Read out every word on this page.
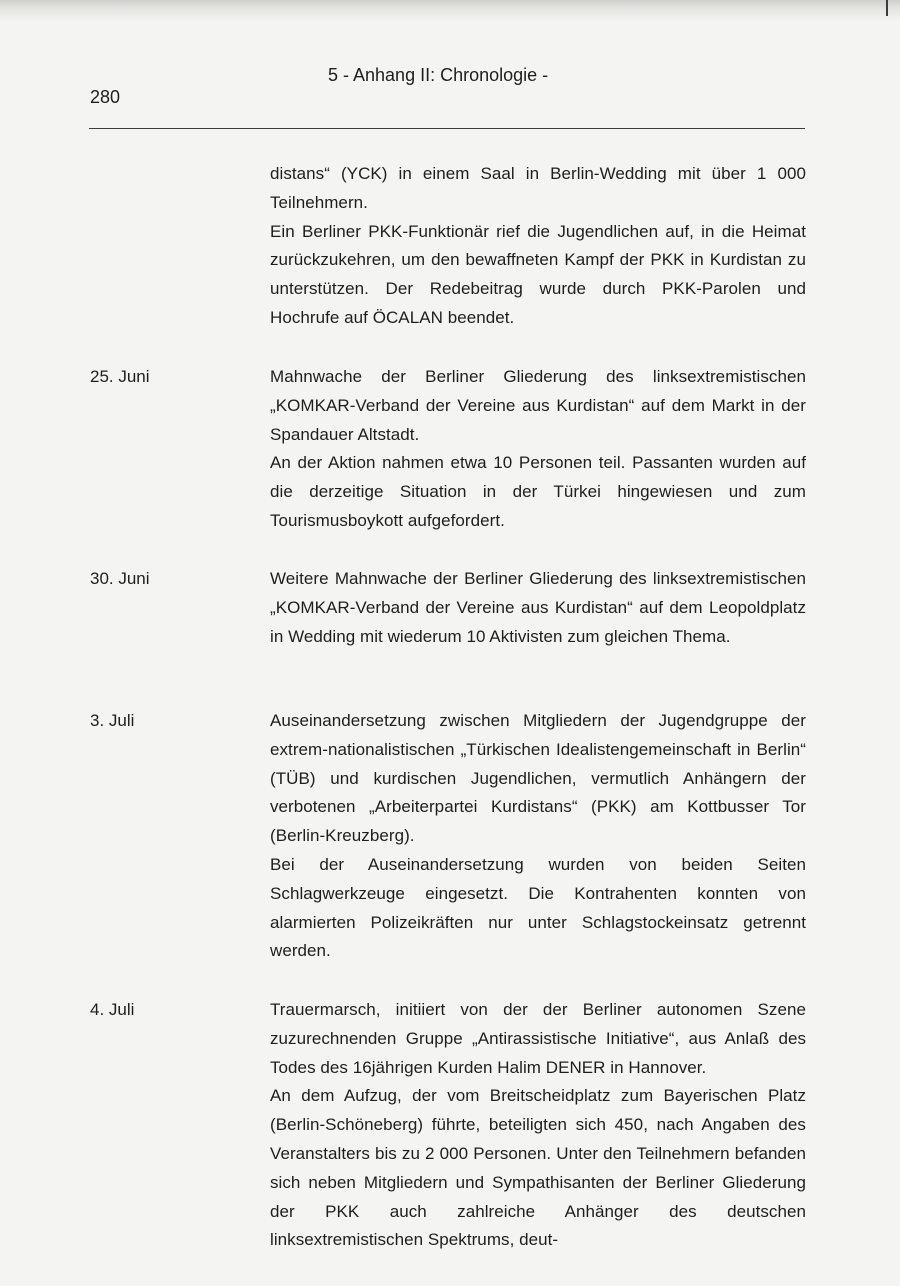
280

5 - Anhang II: Chronologie -

distans“ (YCK) in einem Saal in Berlin-Wedding mit über 1 000 Teilnehmern.

Ein Berliner PKK-Funktionär rief die Jugendlichen auf, in die Heimat zurückzukehren, um den bewaffneten Kampf der PKK in Kurdistan zu unterstützen. Der Redebeitrag wurde durch PKK-Parolen und Hochrufe auf ÖCALAN beendet.

25. Juni	Mahnwache der Berliner Gliederung des linksextremistischen „KOMKAR-Verband der Vereine aus Kurdistan“ auf dem Markt in der Spandauer Altstadt.

An der Aktion nahmen etwa 10 Personen teil. Passanten wurden auf die derzeitige Situation in der Türkei hingewiesen und zum Tourismusboykott aufgefordert.

30. Juni	Weitere Mahnwache der Berliner Gliederung des linksextremistischen „KOMKAR-Verband der Vereine aus Kurdistan“ auf dem Leopoldplatz in Wedding mit wiederum 10 Aktivisten zum gleichen Thema.

3. Juli	Auseinandersetzung zwischen Mitgliedern der Jugendgruppe der extrem-nationalistischen „Türkischen Idealistengemeinschaft in Berlin“ (TÜB) und kurdischen Jugendlichen, vermutlich Anhängern der verbotenen „Arbeiterpartei Kurdistans“ (PKK) am Kottbusser Tor (Berlin-Kreuzberg).

Bei der Auseinandersetzung wurden von beiden Seiten Schlagwerkzeuge eingesetzt. Die Kontrahenten konnten von alarmierten Polizeikräften nur unter Schlagstockeinsatz getrennt werden.

4. Juli	Trauermarsch, initiiert von der der Berliner autonomen Szene zuzurechnenden Gruppe „Antirassistische Initiative“, aus Anlaß des Todes des 16jährigen Kurden Halim DENER in Hannover.

An dem Aufzug, der vom Breitscheidplatz zum Bayerischen Platz (Berlin-Schöneberg) führte, beteiligten sich 450, nach Angaben des Veranstalters bis zu 2 000 Personen. Unter den Teilnehmern befanden sich neben Mitgliedern und Sympathisanten der Berliner Gliederung der PKK auch zahlreiche Anhänger des deutschen linksextremistischen Spektrums, deut-
